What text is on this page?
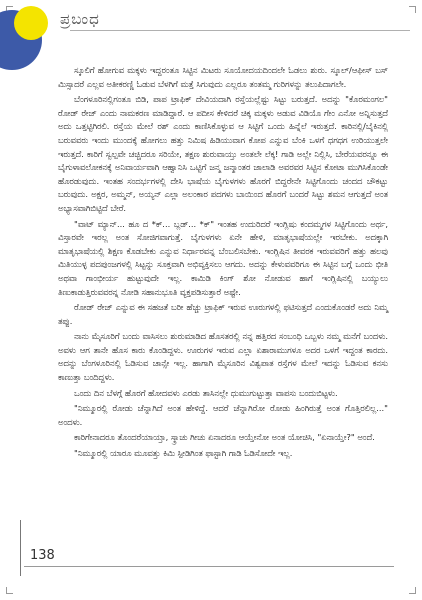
ಪ್ರಬಂಧ

ಸ್ಕೂಲಿಗೆ ಹೋಗುವ ಮಕ್ಕಳು ಇದ್ದರಂತೂ ಸಿಟ್ಟಿನ ಮಿಟರು ಸೂಯೋದಯದಿಂದಲೇ ಓಡಲು ಶುರು. ಸ್ಕೂಲ್/ಆಫೀಸ್ ಬಸ್ ಮಿಸ್ಸಾದರೆ ಎಲ್ಲವ ಅತೀಕರಣ್ಣಿ ಓಡುವ ಬೆಳಗಿಗೆ ಮತ್ತೆ ಸಿಗುವುದು ಎಲ್ಲರೂ ತಂತಮ್ಮ ಗುರಿಗಳನ್ನು ತಲುಪಿದಾಗಲೇ.

ಬೆಂಗಳೂರಿನಲ್ಲಿಗಂತೂ ಬಿಡಿ, ಪಾಪ ಟ್ರಾಫಿಕ್ ದೇವಿಯದಾಗಿ ರಸ್ತೆಯಲ್ಲೆಷ್ಟು ಸಿಟ್ಟು ಬರುತ್ತದೆ. ಅದನ್ನು "ಕೊರಮಂಗಲ" ರೋಡ್ ರೇಜ್ ಎಂದು ನಾಮಕರಣ ಮಾಡಿದ್ದಾರೆ. ಆ ಪದೀಸ ಕೇಳಿದರೆ ಚಿಕ್ಕ ಮಕ್ಕಳು ಅಡುವ ವಿಡಿಯೊ ಗೇಂ ಎನೋ ಅನ್ನಿಸುತ್ತದೆ ಅದು ಒತ್ತಟ್ಟಿಗಿರಲಿ. ರಸ್ತೆಯ ಮೇಲೆ ರಶ್ ಎಂದು ಕಾಣಿಸಿಕೊಳ್ಳುವ ಆ ಸಿಟ್ಟಿಗೆ ಒಂದು ಹಿನ್ನೆಲೆ ಇರುತ್ತದೆ. ಕಾರಿನಲ್ಲಿ/ಬೈಕಿನಲ್ಲಿ ಬರುವವರು ಇಂದು ಮುಂದಕ್ಕೆ ಹೋಗಲು ಹತ್ತು ನಿಮಿಷ ಹಿಡಿಯುವಾಗ ಕೋಪ ಎನ್ನುವ ಬೆಂಕಿ ಒಳಗೆ ಧಗಧಗ ಉರಿಯುತ್ತಲೇ ಇರುತ್ತದೆ. ಕಾರಿಗೆ ಸ್ವಲ್ಪವೇ ಚಚ್ಚಿದರೂ ಸರಿಯೇ, ತಕ್ಷಣ ಶುರುವಾಯ್ತು ಅಂತಲೇ ಲೆಕ್ಕ! ಗಾಡಿ ಅಲ್ಲೇ ನಿಲ್ಲಿಸಿ, ಬೇರೆಯವರನ್ನೂ ಈ ಬೈಗುಳಾವಲೋಕನಕ್ಕೆ ಅನಿವಾರ್ಯವಾಗಿ ಆಹ್ವಾನಿಸಿ ಒಟ್ಟಿಗೆ ಜನ್ಮ ಜನ್ಮಾಂತರ ಜಾಲಾಡಿ ಅವರವರ ಸಿಟ್ಟಿನ ಕೋಟಾ ಮುಗಿಸಿಕೊಂಡೇ ಹೊರಡುವುದು. ಇಂತಹ ಸಂದರ್ಭಗಳಲ್ಲಿ ದೇಸಿ ಭಾಷೆಯ ಬೈಗುಳಗಳು ಹೊರಗೆ ಬಿದ್ದರೇನೇ ಸಿಟ್ಟಿಗೊಂದು ಚಂದದ ಚೌಕಟ್ಟು ಬರುವುದು. ಅಕ್ಷರ, ಅಮ್ಮನ್, ಅಯ್ಯನ್ ಎಲ್ಲಾ ಅಲಂಕಾರ ಪದಗಳು ಬಾಯಿಂದ ಹೊರಗೆ ಬಂದರೆ ಸಿಟ್ಟು ಶಮನ ಆಗುತ್ತದೆ ಅಂತ ಅಭ್ಯಾಸವಾಗಿಬಿಟ್ಟಿದೆ ಬೇರೆ.

"ವಾಟ್ ಮ್ಯಾನ್... ಹೂ ದ *ಕ್... ಬ್ಲಡ್... *ಕ್" ಇಂತಹ ಉದುರಿದರೆ ಇಂಗ್ಲಿಷು ಕಂದಮ್ಮಗಳ ಸಿಟ್ಟಿಗೊಂದು ಅರ್ಥ, ವಿಸ್ತಾರವೇ ಇರಲ್ಲ ಅಂತ ಸೋಜಿಗವಾಗುತ್ತೆ. ಬೈಗುಳಗಳು ಏನೇ ಹೇಳಿ, ಮಾತೃಭಾಷೆಯಲ್ಲೇ ಇರಬೇಕು. ಅದಕ್ಕಾಗಿ ಮಾತೃಭಾಷೆಯಲ್ಲಿ ಶಿಕ್ಷಣ ಕೊಡಬೇಕು ಎನ್ನುವ ನಿರ್ಧಾರವನ್ನ ಬೆಂಬಲಿಸಬೇಕು. ಇಂಗ್ಲಿಷಿನ ತೀವರಕ ಇರುವವರಿಗೆ ಹತ್ತು ಹಲವು ಮಿತಿಯುಳ್ಳ ಪದಪುಂಜಗಳಲ್ಲಿ ಸಿಟ್ಟನ್ನು ಸೂಕ್ತವಾಗಿ ಅಭಿವ್ಯಕ್ತಿಸಲು ಆಗದು. ಅದನ್ನು ಕೇಳುವವರಿಗೂ ಈ ಸಿಟ್ಟಿನ ಬಗ್ಗೆ ಒಂದು ಭೀತಿ ಅಥವಾ ಗಾಂಭೀರ್ಯ ಹುಟ್ಟುವುದೇ ಇಲ್ಲ. ಕಾಮಿಡಿ ಕಿಂಗ್ ಶೋ ನೋಡುವ ಹಾಗೆ ಇಂಗ್ಲಿಷಿನಲ್ಲಿ ಬಯ್ಯುಲು ತಿಣುಕಾಡುತ್ತಿರುವವರನ್ನ ನೋಡಿ ಸಹಾನುಭೂತಿ ವ್ಯಕ್ತಪಡಿಸುತ್ತಾರೆ ಅಷ್ಟೇ.

ರೋಡ್ ರೇಜ್ ಎನ್ನುವ ಈ ಸಹಜತೆ ಬರೀ ಹೆಚ್ಚು ಟ್ರಾಫಿಕ್ ಇರುವ ಊರುಗಳಲ್ಲಿ ಫಟಿಸುತ್ತದೆ ಎಂದುಕೊಂಡರೆ ಅದು ನಿಮ್ಮ ತಪ್ಪು.

ನಾನು ಮೈಸೂರಿಗೆ ಬಂದು ವಾಸಿಸಲು ಶುರುಮಾಡಿದ ಹೊಸತರಲ್ಲಿ ನನ್ನ ಹತ್ತಿರದ ಸಂಬಂಧಿ ಒಬ್ಬಳು ನಮ್ಮ ಮನೆಗೆ ಬಂದಳು. ಅವಳು ಆಗ ತಾನೇ ಹೊಸ ಕಾರು ಕೊಂಡಿದ್ದಳು. ಊರುಗಳ ಇರುವ ಎಲ್ಲಾ ಏಶಾರಾಮುಗಳೂ ಅದರ ಒಳಗೆ ಇದ್ದಂತ ಕಾರದು. ಅದನ್ನು ಬೆಂಗಳೂರಿನಲ್ಲಿ ಓಡಿಸುವ ಚಾನ್ಸೇ ಇಲ್ಲ. ಹಾಗಾಗಿ ಮೈಸೂರಿನ ವಿಶ್ವಪಾತ ರಸ್ತೆಗಳ ಮೇಲೆ ಇದನ್ನು ಓಡಿಸುವ ಕನಸು ಕಾಣುತ್ತಾ ಬಂದಿದ್ದಳು.

ಒಂದು ದಿನ ಬೆಳಗ್ಗೆ ಹೊರಗೆ ಹೋದವಳು ಎರಡು ತಾಸಿನಲ್ಲೇ ಧುಮುಗುಟ್ಟುತ್ತಾ ವಾಪಸು ಬಂದುಬಿಟ್ಟಳು.

"ನಿಮ್ಮೂರಲ್ಲಿ ರೋಡು ಚೆನ್ನಾಗಿದೆ ಅಂತ ಹೇಳಿದ್ದೆ. ಆದರೆ ಚೆನ್ನಾಗಿರೋ ರೋಡು ಹಿಂಗಿರುತ್ತೆ ಅಂತ ಗೊತ್ತಿರಲಿಲ್ಲ..." ಅಂದಳು.

ಕಾರಿಗೇನಾದರೂ ತೊಂದರೆಯಾಯ್ತಾ, ಸ್ಕ್ರಾಚು ಗೀಚು ಏನಾದರೂ ಆಯ್ತೇನೋ ಅಂತ ಯೋಚಿಸಿ, "ಏನಾಯ್ತೇ?" ಅಂದೆ.

"ನಿಮ್ಮೂರಲ್ಲಿ ಯಾರೂ ಮೂವತ್ತು ಕಿಮಿ ಸ್ಪೀಡಿಗಿಂತ ಫಾಸ್ಟಾಗಿ ಗಾಡಿ ಓಡಿಸೋದೇ ಇಲ್ಲ.

138
